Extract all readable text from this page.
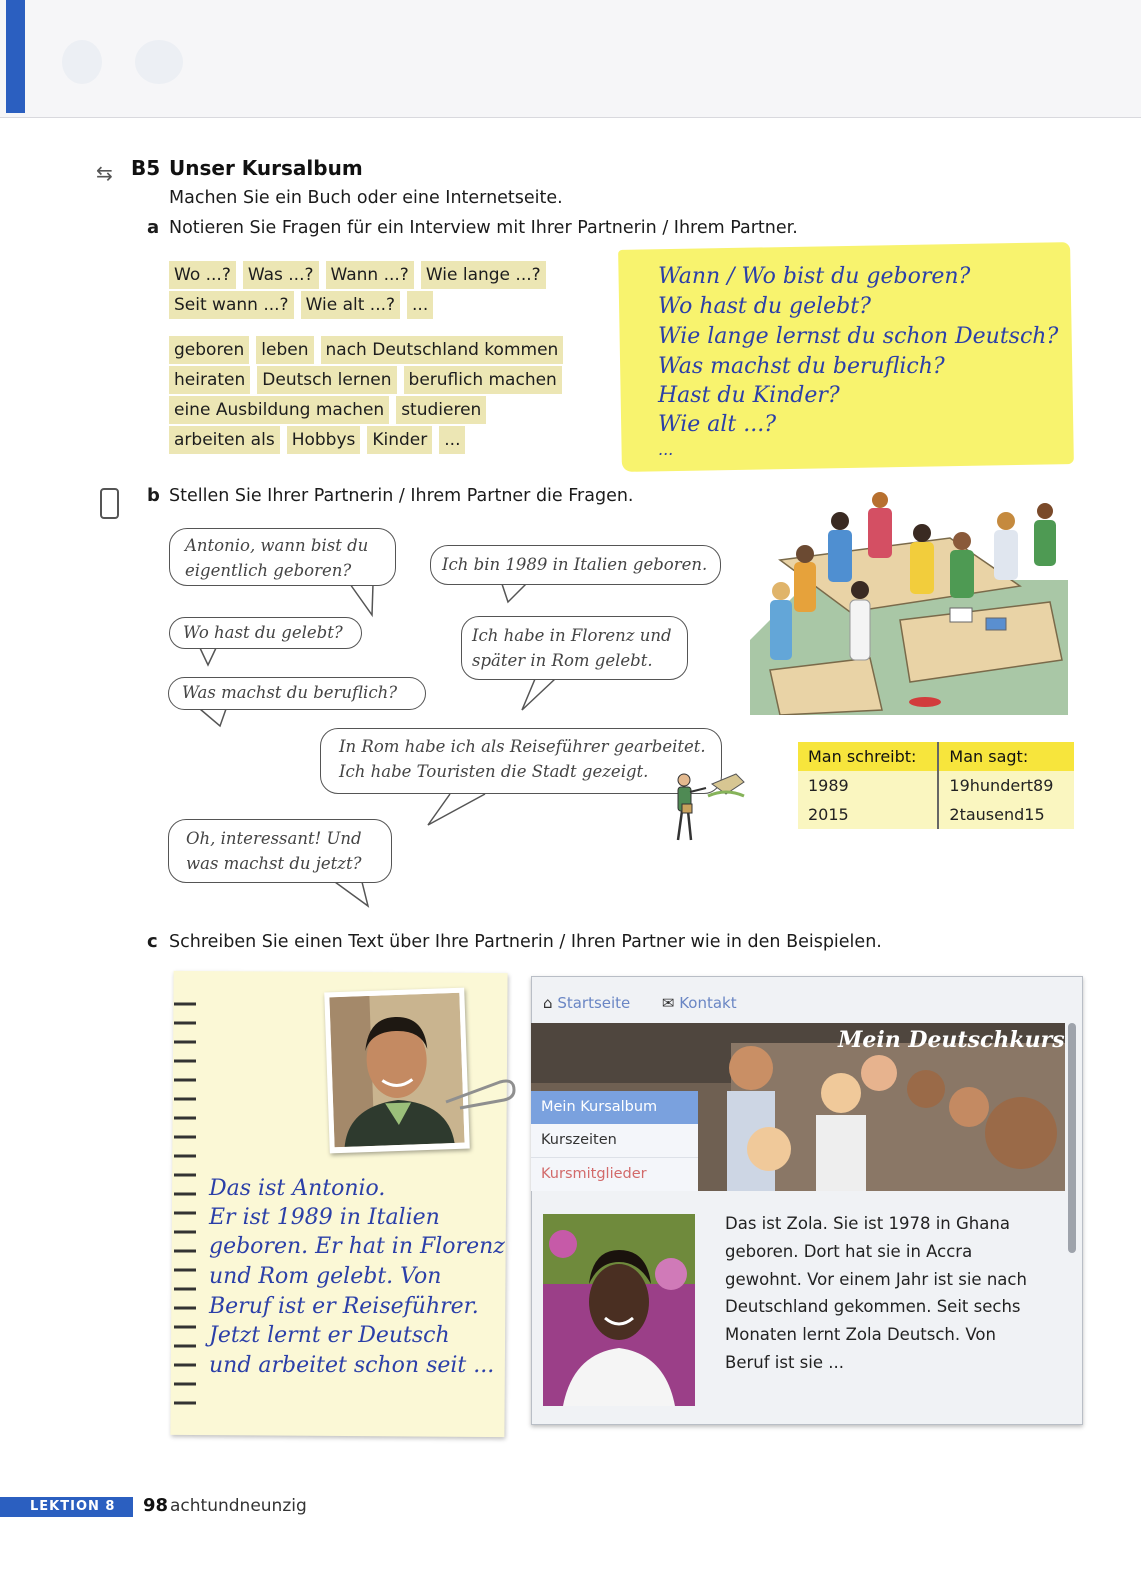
⇆ B5 Unser Kursalbum
Machen Sie ein Buch oder eine Internetseite.
a Notieren Sie Fragen für ein Interview mit Ihrer Partnerin / Ihrem Partner.
Wo ...? Was ...? Wann ...? Wie lange ...?
Seit wann ...? Wie alt ...? ...
geboren leben nach Deutschland kommen
heiraten Deutsch lernen beruflich machen
eine Ausbildung machen studieren
arbeiten als Hobbys Kinder ...
Wann / Wo bist du geboren?
Wo hast du gelebt?
Wie lange lernst du schon Deutsch?
Was machst du beruflich?
Hast du Kinder?
Wie alt ...?
...
b Stellen Sie Ihrer Partnerin / Ihrem Partner die Fragen.
Antonio, wann bist du
eigentlich geboren?	Ich bin 1989 in Italien geboren.
Wo hast du gelebt?	Ich habe in Florenz und
später in Rom gelebt.
Was machst du beruflich?
In Rom habe ich als Reiseführer gearbeitet.
Ich habe Touristen die Stadt gezeigt.
Oh, interessant! Und
was machst du jetzt?
Man schreibt:	Man sagt:
1989	19hundert89
2015	2tausend15
c Schreiben Sie einen Text über Ihre Partnerin / Ihren Partner wie in den Beispielen.
Das ist Antonio.
Er ist 1989 in Italien
geboren. Er hat in Florenz
und Rom gelebt. Von
Beruf ist er Reiseführer.
Jetzt lernt er Deutsch
und arbeitet schon seit ...
⌂ Startseite ✉ Kontakt
Mein Deutschkurs
Mein Kursalbum
Kurszeiten
Kursmitglieder
Das ist Zola. Sie ist 1978 in Ghana
geboren. Dort hat sie in Accra
gewohnt. Vor einem Jahr ist sie nach
Deutschland gekommen. Seit sechs
Monaten lernt Zola Deutsch. Von
Beruf ist sie ...
LEKTION 8	98 achtundneunzig
